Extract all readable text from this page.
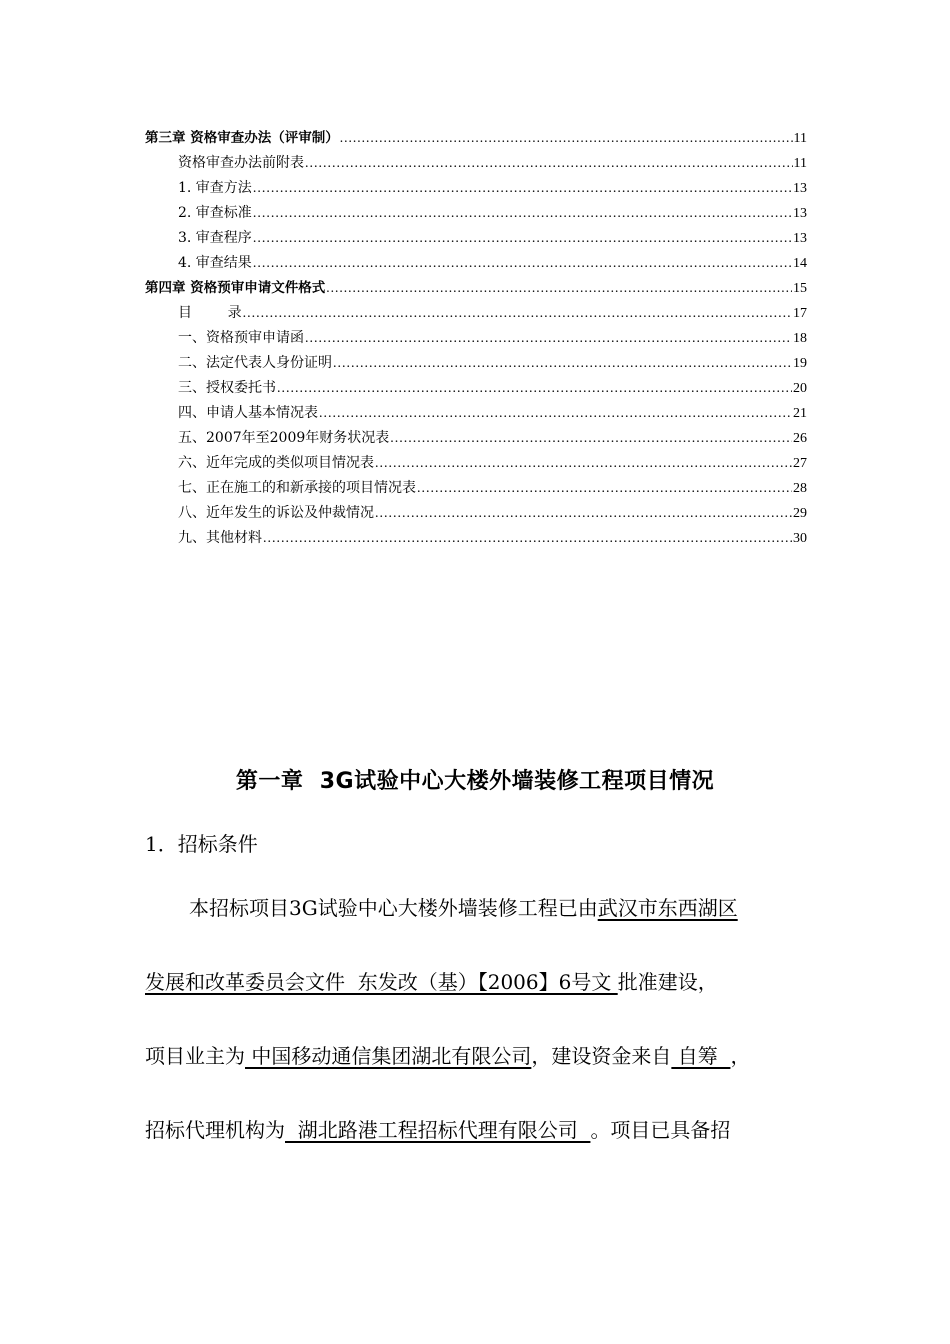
第三章 资格审查办法（评审制） .....	11
资格审查办法前附表 .....	11
1. 审查方法 .....	13
2. 审查标准 .....	13
3. 审查程序 .....	13
4. 审查结果 .....	14
第四章 资格预审申请文件格式 .....	15
目        录 .....	17
一、资格预审申请函 .....	18
二、法定代表人身份证明 .....	19
三、授权委托书 .....	20
四、申请人基本情况表 .....	21
五、2007年至2009年财务状况表 .....	26
六、近年完成的类似项目情况表 .....	27
七、正在施工的和新承接的项目情况表 .....	28
八、近年发生的诉讼及仲裁情况 .....	29
九、其他材料 .....	30
第一章  3G试验中心大楼外墙装修工程项目情况
1．招标条件
本招标项目3G试验中心大楼外墙装修工程已由武汉市东西湖区
发展和改革委员会文件  东发改（基）【2006】6号文 批准建设，
项目业主为 中国移动通信集团湖北有限公司，建设资金来自 自筹  ，
招标代理机构为  湖北路港工程招标代理有限公司  。项目已具备招
